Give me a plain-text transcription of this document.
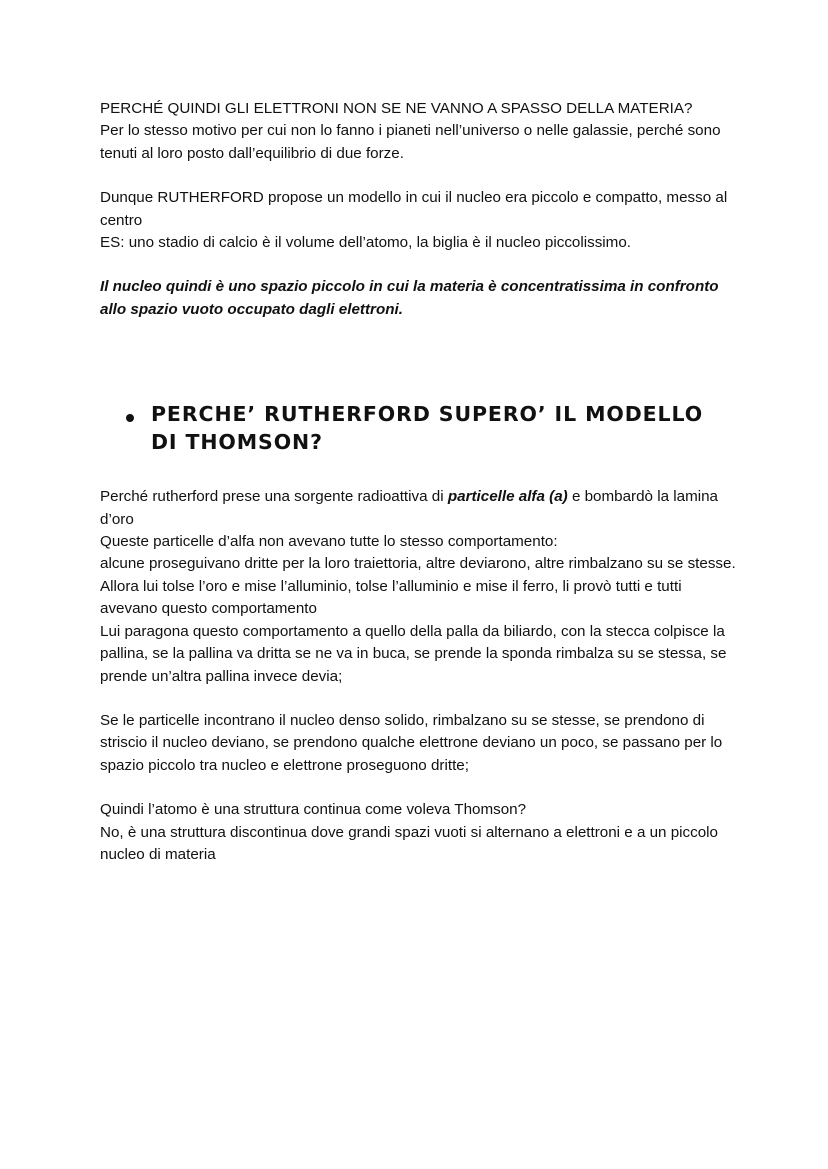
PERCHÉ QUINDI GLI ELETTRONI NON SE NE VANNO A SPASSO DELLA MATERIA?

Per lo stesso motivo per cui non lo fanno i pianeti nell’universo o nelle galassie, perché sono tenuti al loro posto dall’equilibrio di due forze.

Dunque RUTHERFORD propose un modello in cui il nucleo era piccolo e compatto, messo al centro

ES: uno stadio di calcio è il volume dell’atomo, la biglia è il nucleo piccolissimo.

Il nucleo quindi è uno spazio piccolo in cui la materia è concentratissima in confronto allo spazio vuoto occupato dagli elettroni.

PERCHE’ RUTHERFORD SUPERO’ IL MODELLO DI THOMSON?

Perché rutherford prese una sorgente radioattiva di particelle alfa (a) e bombardò la lamina d’oro

Queste particelle d’alfa non avevano tutte lo stesso comportamento:

alcune proseguivano dritte per la loro traiettoria, altre deviarono, altre rimbalzano su se stesse.

Allora lui tolse l’oro e mise l’alluminio, tolse l’alluminio e mise il ferro, li provò tutti e tutti avevano questo comportamento

Lui paragona questo comportamento a quello della palla da biliardo, con la stecca colpisce la pallina, se la pallina va dritta se ne va in buca, se prende la sponda rimbalza su se stessa, se prende un’altra pallina invece devia;

Se le particelle incontrano il nucleo denso solido, rimbalzano su se stesse, se prendono di striscio il nucleo deviano, se prendono qualche elettrone deviano un poco, se passano per lo spazio piccolo tra nucleo e elettrone proseguono dritte;

Quindi l’atomo è una struttura continua come voleva Thomson?

No, è una struttura discontinua dove grandi spazi vuoti si alternano a elettroni e a un piccolo nucleo di materia
